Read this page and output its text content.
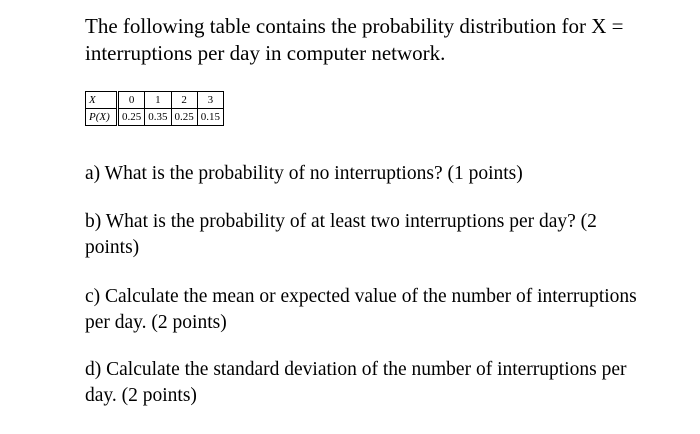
The following table contains the probability distribution for X = interruptions per day in computer network.

X	0	1	2	3
P(X)	0.25	0.35	0.25	0.15

a) What is the probability of no interruptions? (1 points)

b) What is the probability of at least two interruptions per day? (2 points)

c) Calculate the mean or expected value of the number of interruptions per day. (2 points)

d) Calculate the standard deviation of the number of interruptions per day. (2 points)
